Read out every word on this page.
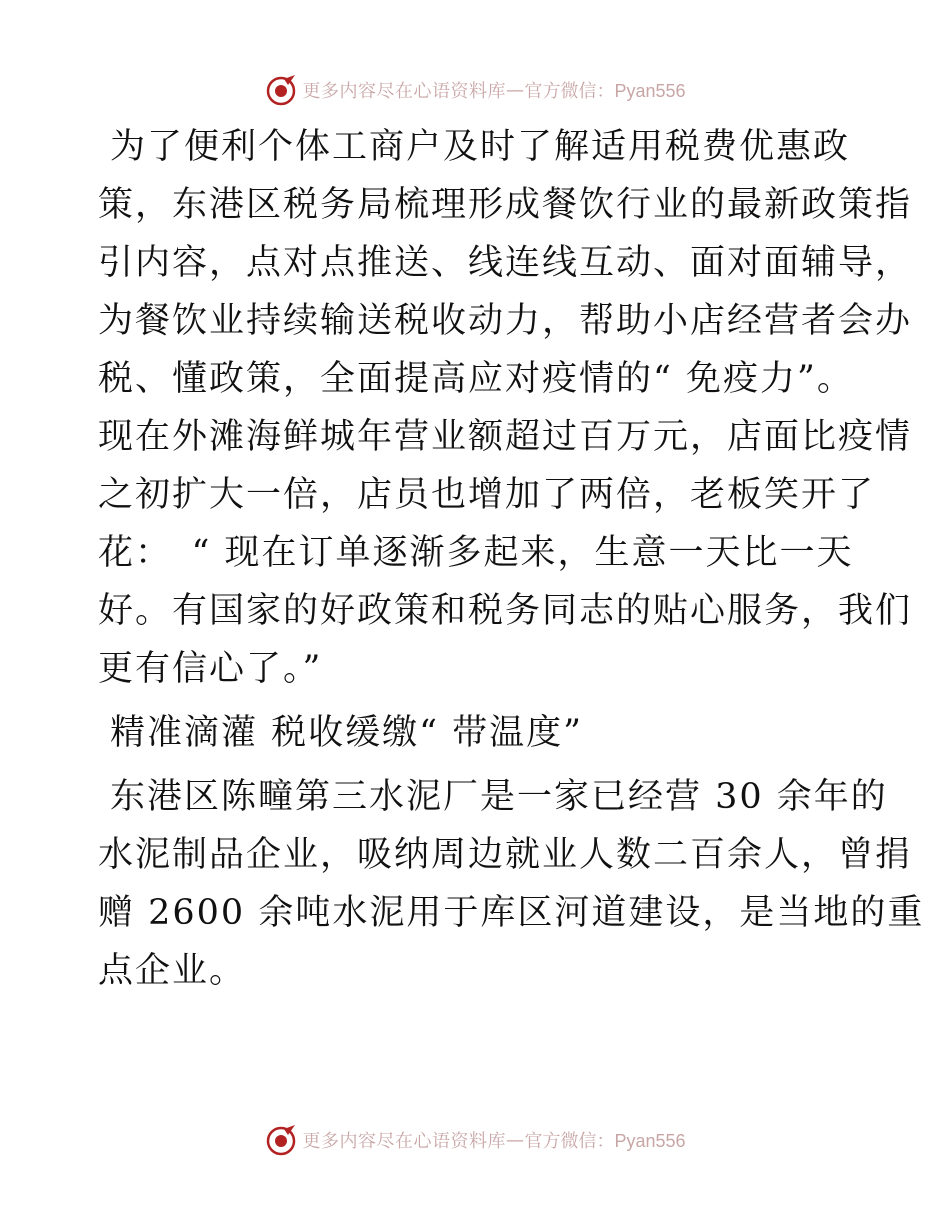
更多内容尽在心语资料库 — 官方微信：Pyan556

为了便利个体工商户及时了解适用税费优惠政
策，东港区税务局梳理形成餐饮行业的最新政策指
引内容，点对点推送、线连线互动、面对面辅导，
为餐饮业持续输送税收动力，帮助小店经营者会办
税、懂政策，全面提高应对疫情的“ 免疫力”。
现在外滩海鲜城年营业额超过百万元，店面比疫情
之初扩大一倍，店员也增加了两倍，老板笑开了
花：　“ 现在订单逐渐多起来，生意一天比一天
好。有国家的好政策和税务同志的贴心服务，我们
更有信心了。”

精准滴灌 税收缓缴“ 带温度”

东港区陈疃第三水泥厂是一家已经营 30 余年的
水泥制品企业，吸纳周边就业人数二百余人，曾捐
赠 2600 余吨水泥用于库区河道建设，是当地的重
点企业。

更多内容尽在心语资料库 — 官方微信：Pyan556
